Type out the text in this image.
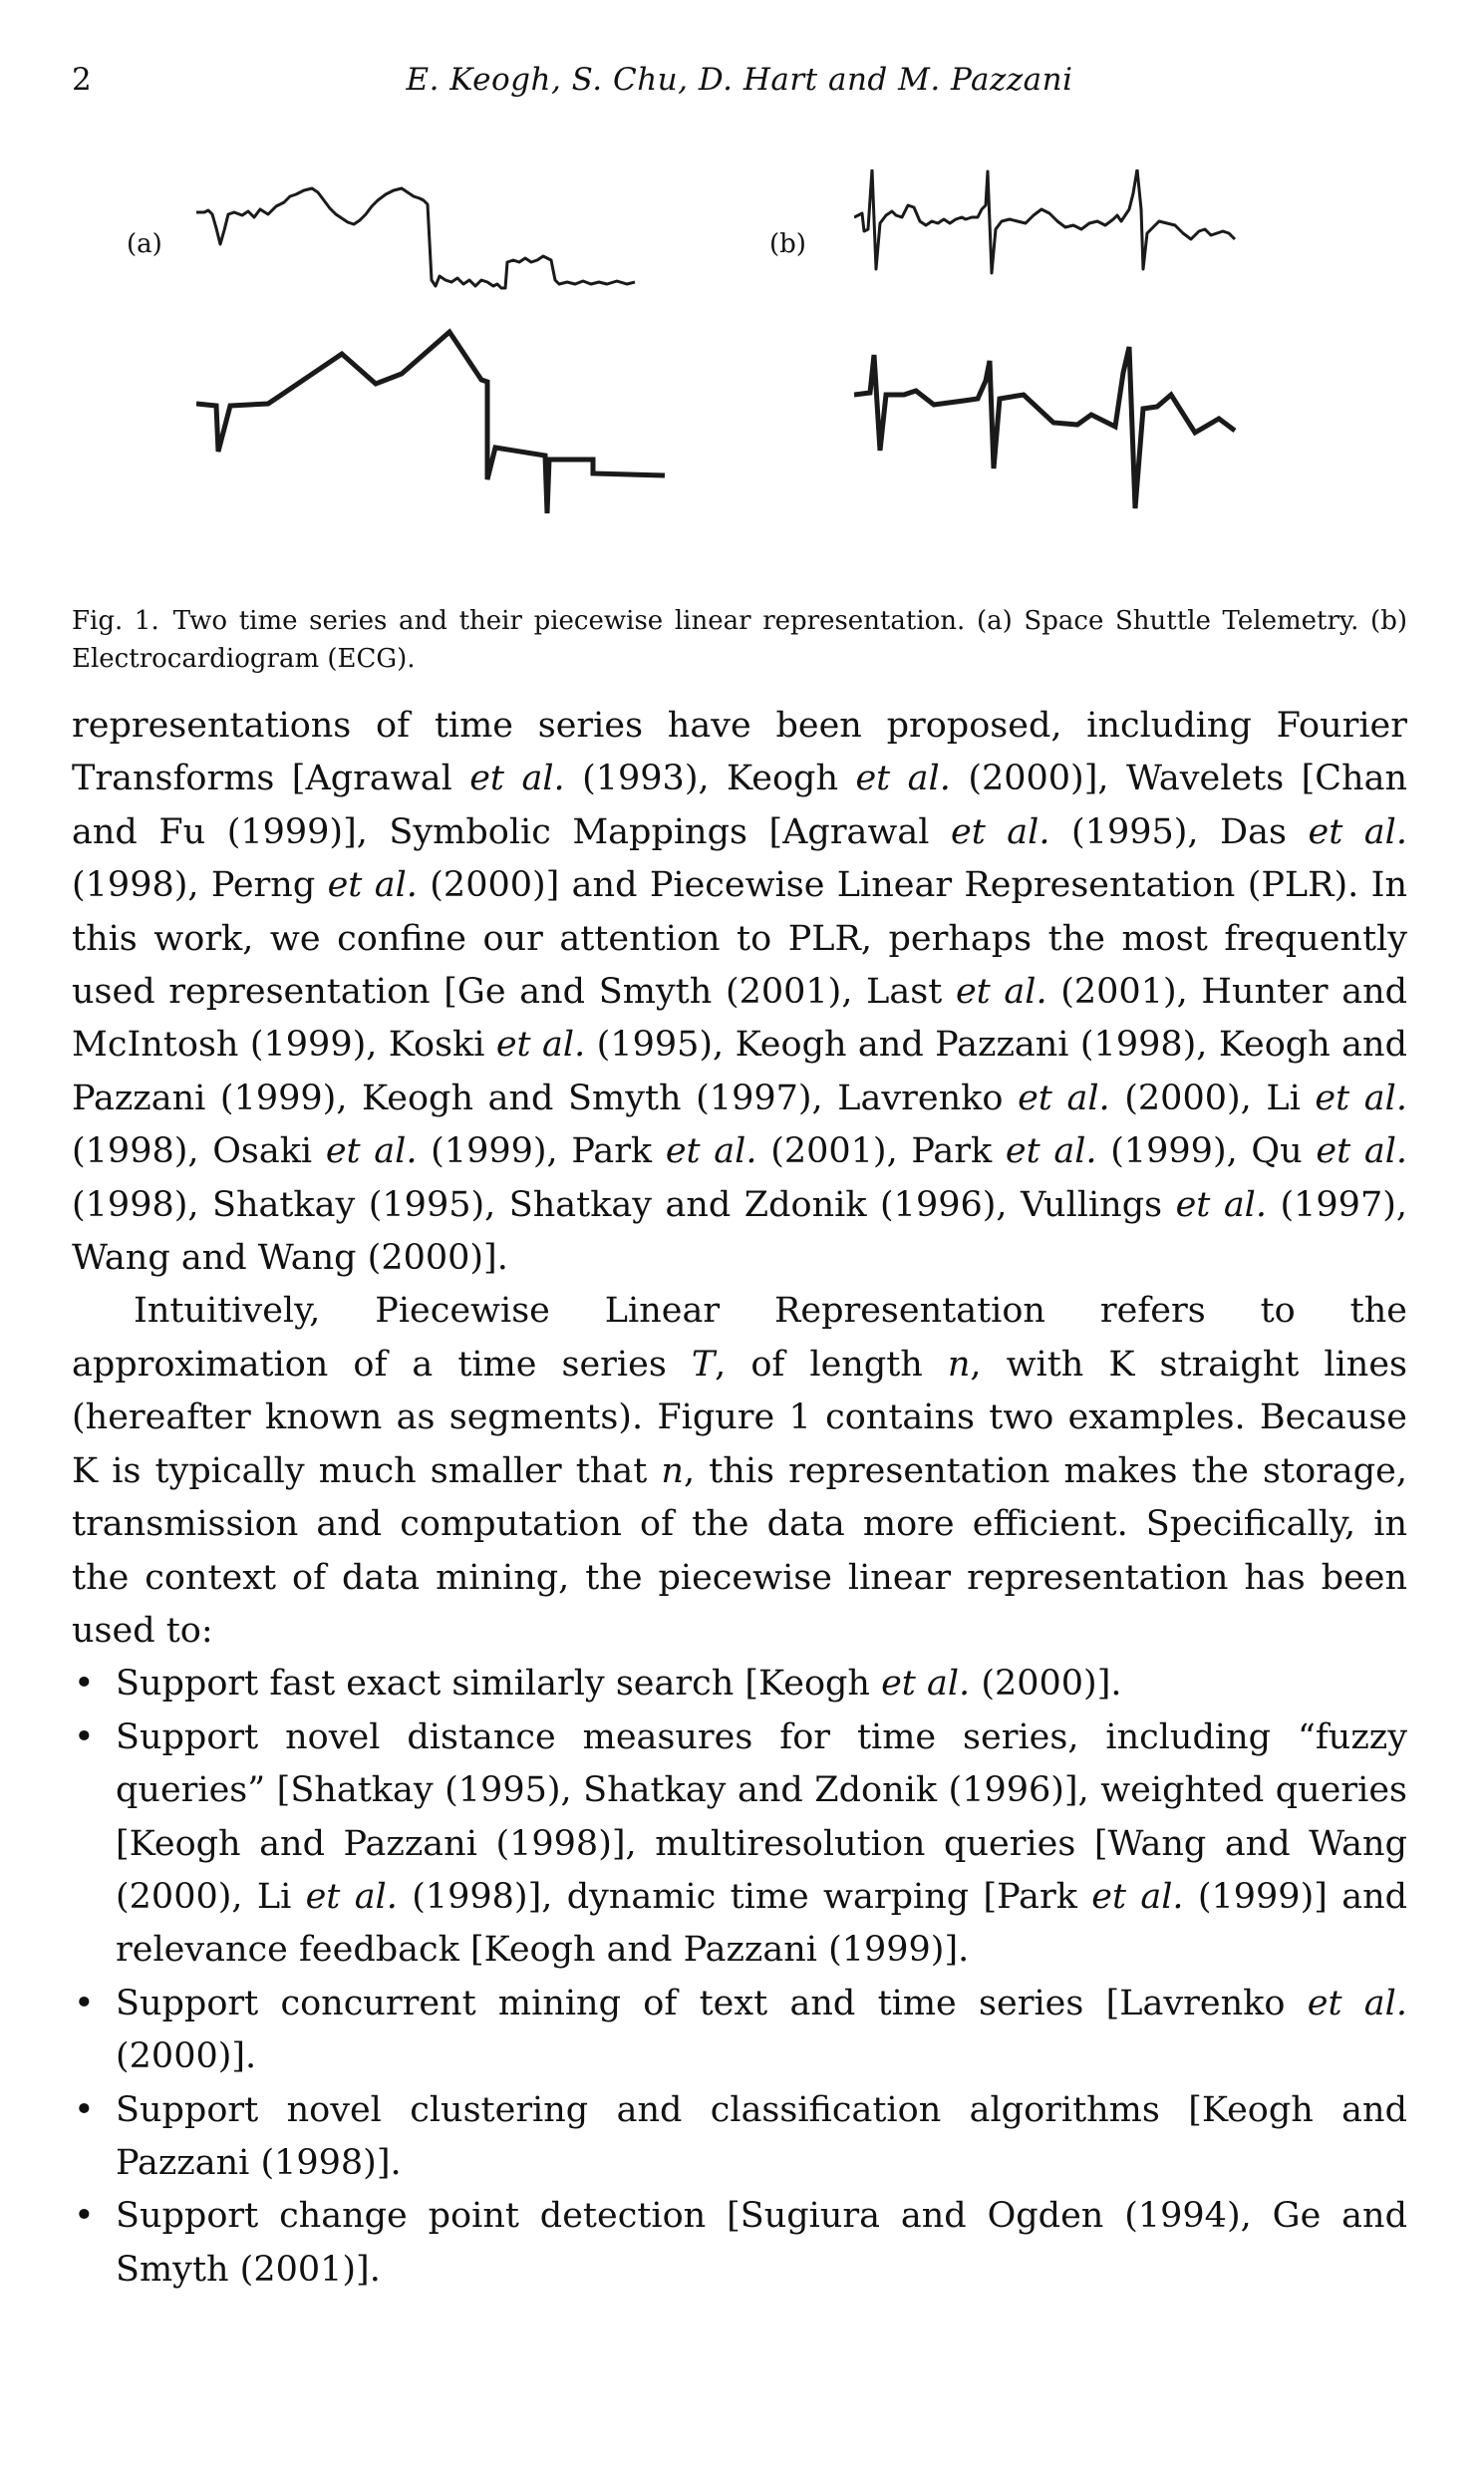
2	E. Keogh, S. Chu, D. Hart and M. Pazzani
(a)	(b)
Fig. 1. Two time series and their piecewise linear representation. (a) Space Shuttle Telemetry. (b) Electrocardiogram (ECG).

representations of time series have been proposed, including Fourier Transforms [Agrawal et al. (1993), Keogh et al. (2000)], Wavelets [Chan and Fu (1999)], Symbolic Mappings [Agrawal et al. (1995), Das et al. (1998), Perng et al. (2000)] and Piecewise Linear Representation (PLR). In this work, we confine our attention to PLR, perhaps the most frequently used representation [Ge and Smyth (2001), Last et al. (2001), Hunter and McIntosh (1999), Koski et al. (1995), Keogh and Pazzani (1998), Keogh and Pazzani (1999), Keogh and Smyth (1997), Lavrenko et al. (2000), Li et al. (1998), Osaki et al. (1999), Park et al. (2001), Park et al. (1999), Qu et al. (1998), Shatkay (1995), Shatkay and Zdonik (1996), Vullings et al. (1997), Wang and Wang (2000)].

Intuitively, Piecewise Linear Representation refers to the approximation of a time series T, of length n, with K straight lines (hereafter known as segments). Figure 1 contains two examples. Because K is typically much smaller that n, this representation makes the storage, transmission and computation of the data more efficient. Specifically, in the context of data mining, the piecewise linear representation has been used to:

• Support fast exact similarly search [Keogh et al. (2000)].
• Support novel distance measures for time series, including “fuzzy queries” [Shatkay (1995), Shatkay and Zdonik (1996)], weighted queries [Keogh and Pazzani (1998)], multiresolution queries [Wang and Wang (2000), Li et al. (1998)], dynamic time warping [Park et al. (1999)] and relevance feedback [Keogh and Pazzani (1999)].
• Support concurrent mining of text and time series [Lavrenko et al. (2000)].
• Support novel clustering and classification algorithms [Keogh and Pazzani (1998)].
• Support change point detection [Sugiura and Ogden (1994), Ge and Smyth (2001)].
